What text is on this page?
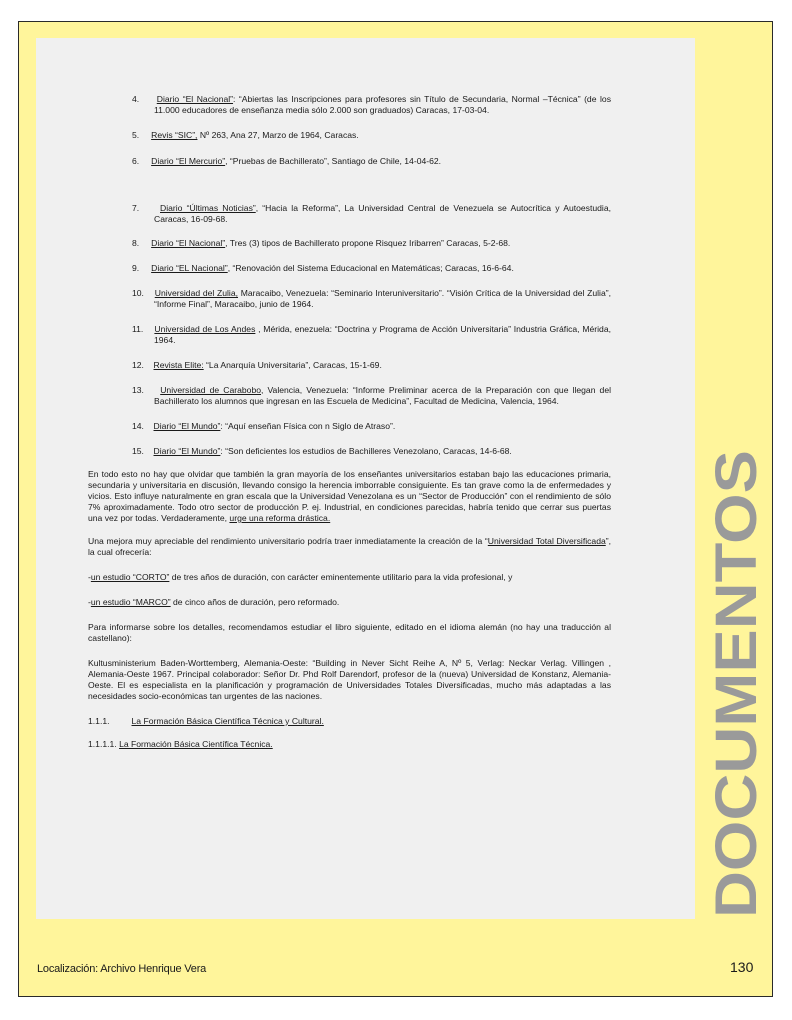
4. Diario “El Nacional”: “Abiertas las Inscripciones para profesores sin Título de Secundaria, Normal –Técnica” (de los 11.000 educadores de enseñanza media sólo 2.000 son graduados) Caracas, 17-03-04.

5. Revis “SIC”, Nº 263, Ana 27, Marzo de 1964, Caracas.

6. Diario “El Mercurio”, “Pruebas de Bachillerato”, Santiago de Chile, 14-04-62.

7. Diario “Últimas Noticias”, “Hacia la Reforma”, La Universidad Central de Venezuela se Autocrítica y Autoestudia, Caracas, 16-09-68.

8. Diario “El Nacional”, Tres (3) tipos de Bachillerato propone Risquez Iribarren” Caracas, 5-2-68.

9. Diario “EL Nacional”, “Renovación del Sistema Educacional en Matemáticas; Caracas, 16-6-64.

10. Universidad del Zulia, Maracaibo, Venezuela: “Seminario Interuniversitario”. “Visión Crítica de la Universidad del Zulia”, “Informe Final”, Maracaibo, junio de 1964.

11. Universidad de Los Andes , Mérida, enezuela: “Doctrina y Programa de Acción Universitaria” Industria Gráfica, Mérida, 1964.

12. Revista Elite: “La Anarquía Universitaria”, Caracas, 15-1-69.

13. Universidad de Carabobo, Valencia, Venezuela: “Informe Preliminar acerca de la Preparación con que llegan del Bachillerato los alumnos que ingresan en las Escuela de Medicina”, Facultad de Medicina, Valencia, 1964.

14. Diario “El Mundo”: “Aquí enseñan Física con n Siglo de Atraso”.

15. Diario “El Mundo”: “Son deficientes los estudios de Bachilleres Venezolano, Caracas, 14-6-68.

En todo esto no hay que olvidar que también la gran mayoría de los enseñantes universitarios estaban bajo las educaciones primaria, secundaria y universitaria en discusión, llevando consigo la herencia imborrable consiguiente. Es tan grave como la de enfermedades y vicios. Esto influye naturalmente en gran escala que la Universidad Venezolana es un “Sector de Producción” con el rendimiento de sólo 7% aproximadamente. Todo otro sector de producción P. ej. Industrial, en condiciones parecidas, habría tenido que cerrar sus puertas una vez por todas. Verdaderamente, urge una reforma drástica.

Una mejora muy apreciable del rendimiento universitario podría traer inmediatamente la creación de la “Universidad Total Diversificada”, la cual ofrecería:

-un estudio “CORTO” de tres años de duración, con carácter eminentemente utilitario para la vida profesional, y

-un estudio “MARCO” de cinco años de duración, pero reformado.

Para informarse sobre los detalles, recomendamos estudiar el libro siguiente, editado en el idioma alemán (no hay una traducción al castellano):

Kultusministerium Baden-Worttemberg, Alemania-Oeste: “Building in Never Sicht Reihe A, Nº 5, Verlag: Neckar Verlag. Villingen , Alemania-Oeste 1967. Principal colaborador: Señor Dr. Phd Rolf Darendorf, profesor de la (nueva) Universidad de Konstanz, Alemania-Oeste. El es especialista en la planificación y programación de Universidades Totales Diversificadas, mucho más adaptadas a las necesidades socio-económicas tan urgentes de las naciones.

1.1.1.	La Formación Básica Científica Técnica y Cultural.

1.1.1.1. La Formación Básica Científica Técnica.	DOCUMENTOS
Localización: Archivo Henrique Vera	130
